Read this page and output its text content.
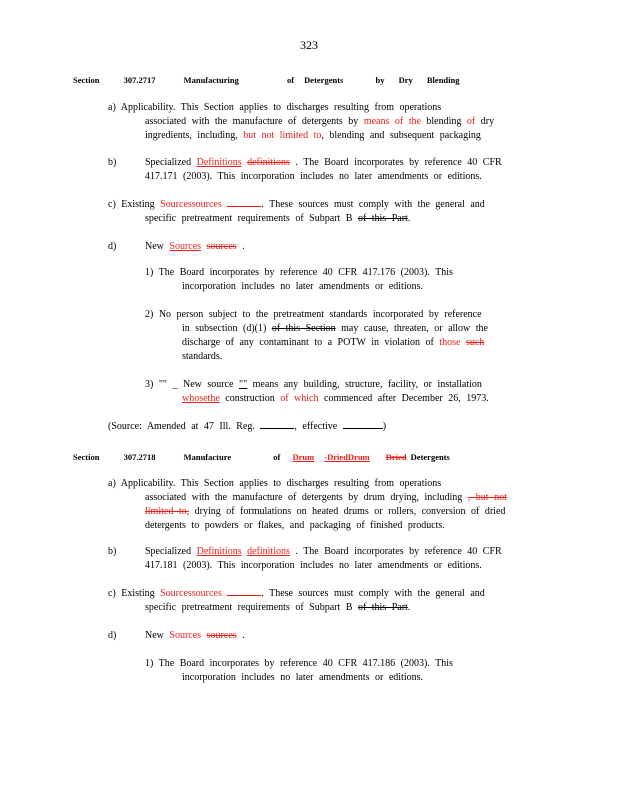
323
Section	307.2717	Manufacturing	of Detergents	by Dry Blending
a) Applicability. This Section applies to discharges resulting from operations
associated with the manufacture of detergents by means of the blending of dry
ingredients, including, but not limited to, blending and subsequent packaging
b)	Specialized Definitions definitions . The Board incorporates by reference 40 CFR
417.171 (2003). This incorporation includes no later amendments or editions.
c) Existing Sourcessources	. These sources must comply with the general and
specific pretreatment requirements of Subpart B of this Part.
d)	New Sources sources .
1) The Board incorporates by reference 40 CFR 417.176 (2003). This
incorporation includes no later amendments or editions.
2) No person subject to the pretreatment standards incorporated by reference
in subsection (d)(1) of this Section may cause, threaten, or allow the
discharge of any contaminant to a POTW in violation of those such
standards.
3) "" _ New source "" means any building, structure, facility, or installation
whosethe construction of which commenced after December 26, 1973.
(Source: Amended at 47 Ill. Reg.	, effective	)
Section	307.2718	Manufacture	of Drum -DriedDrum Dried Detergents
a) Applicability. This Section applies to discharges resulting from operations
associated with the manufacture of detergents by drum drying, including , but not
limited to, drying of formulations on heated drums or rollers, conversion of dried
detergents to powders or flakes, and packaging of finished products.
b)	Specialized Definitions definitions . The Board incorporates by reference 40 CFR
417.181 (2003). This incorporation includes no later amendments or editions.
c) Existing Sourcessources	. These sources must comply with the general and
specific pretreatment requirements of Subpart B of this Part.
d)	New Sources sources .
1) The Board incorporates by reference 40 CFR 417.186 (2003). This
incorporation includes no later amendments or editions.
